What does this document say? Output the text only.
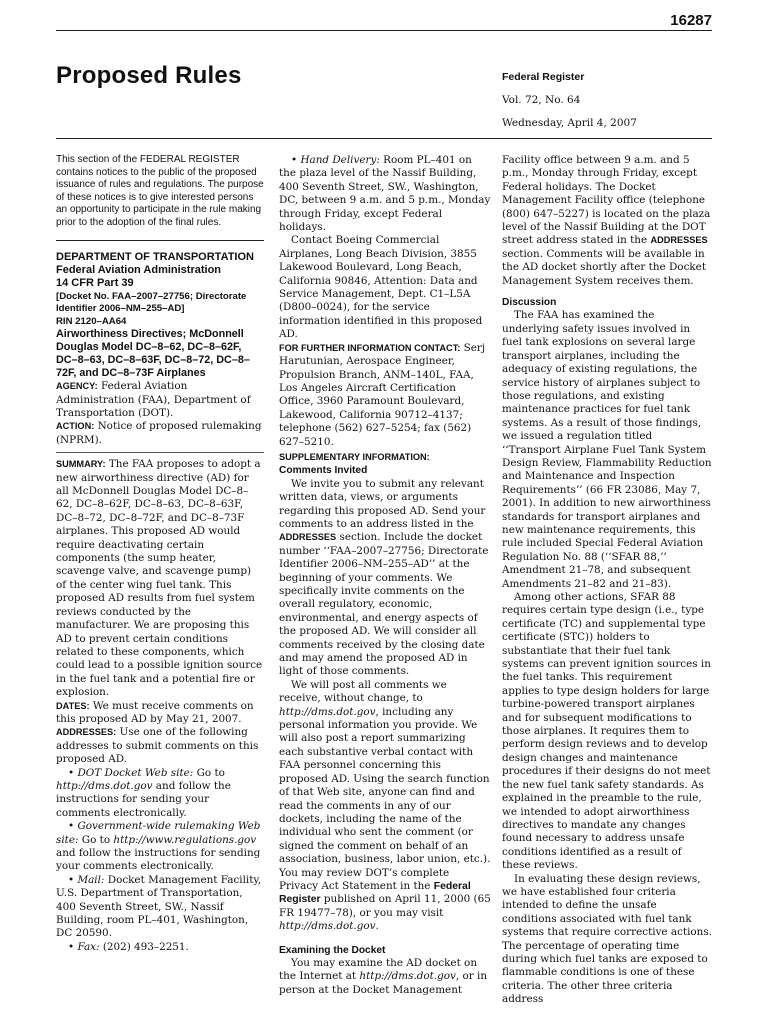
16287
Proposed Rules	Federal Register
Vol. 72, No. 64
Wednesday, April 4, 2007

This section of the FEDERAL REGISTER contains notices to the public of the proposed issuance of rules and regulations. The purpose of these notices is to give interested persons an opportunity to participate in the rule making prior to the adoption of the final rules.

DEPARTMENT OF TRANSPORTATION

Federal Aviation Administration

14 CFR Part 39

[Docket No. FAA–2007–27756; Directorate Identifier 2006–NM–255–AD]

RIN 2120–AA64

Airworthiness Directives; McDonnell Douglas Model DC–8–62, DC–8–62F, DC–8–63, DC–8–63F, DC–8–72, DC–8–72F, and DC–8–73F Airplanes

AGENCY: Federal Aviation Administration (FAA), Department of Transportation (DOT).

ACTION: Notice of proposed rulemaking (NPRM).

SUMMARY: The FAA proposes to adopt a new airworthiness directive (AD) for all McDonnell Douglas Model DC–8–62, DC–8–62F, DC–8–63, DC–8–63F, DC–8–72, DC–8–72F, and DC–8–73F airplanes. This proposed AD would require deactivating certain components (the sump heater, scavenge valve, and scavenge pump) of the center wing fuel tank. This proposed AD results from fuel system reviews conducted by the manufacturer. We are proposing this AD to prevent certain conditions related to these components, which could lead to a possible ignition source in the fuel tank and a potential fire or explosion.

DATES: We must receive comments on this proposed AD by May 21, 2007.

ADDRESSES: Use one of the following addresses to submit comments on this proposed AD.

• DOT Docket Web site: Go to http://dms.dot.gov and follow the instructions for sending your comments electronically.

• Government-wide rulemaking Web site: Go to http://www.regulations.gov and follow the instructions for sending your comments electronically.

• Mail: Docket Management Facility, U.S. Department of Transportation, 400 Seventh Street, SW., Nassif Building, room PL–401, Washington, DC 20590.

• Fax: (202) 493–2251.

• Hand Delivery: Room PL–401 on the plaza level of the Nassif Building, 400 Seventh Street, SW., Washington, DC, between 9 a.m. and 5 p.m., Monday through Friday, except Federal holidays.

Contact Boeing Commercial Airplanes, Long Beach Division, 3855 Lakewood Boulevard, Long Beach, California 90846, Attention: Data and Service Management, Dept. C1–L5A (D800–0024), for the service information identified in this proposed AD.

FOR FURTHER INFORMATION CONTACT: Serj Harutunian, Aerospace Engineer, Propulsion Branch, ANM–140L, FAA, Los Angeles Aircraft Certification Office, 3960 Paramount Boulevard, Lakewood, California 90712–4137; telephone (562) 627–5254; fax (562) 627–5210.

SUPPLEMENTARY INFORMATION:

Comments Invited

We invite you to submit any relevant written data, views, or arguments regarding this proposed AD. Send your comments to an address listed in the ADDRESSES section. Include the docket number ‘‘FAA–2007–27756; Directorate Identifier 2006–NM–255–AD’’ at the beginning of your comments. We specifically invite comments on the overall regulatory, economic, environmental, and energy aspects of the proposed AD. We will consider all comments received by the closing date and may amend the proposed AD in light of those comments.

We will post all comments we receive, without change, to http://dms.dot.gov, including any personal information you provide. We will also post a report summarizing each substantive verbal contact with FAA personnel concerning this proposed AD. Using the search function of that Web site, anyone can find and read the comments in any of our dockets, including the name of the individual who sent the comment (or signed the comment on behalf of an association, business, labor union, etc.). You may review DOT’s complete Privacy Act Statement in the Federal Register published on April 11, 2000 (65 FR 19477–78), or you may visit http://dms.dot.gov.

Examining the Docket

You may examine the AD docket on the Internet at http://dms.dot.gov, or in person at the Docket Management

Facility office between 9 a.m. and 5 p.m., Monday through Friday, except Federal holidays. The Docket Management Facility office (telephone (800) 647–5227) is located on the plaza level of the Nassif Building at the DOT street address stated in the ADDRESSES section. Comments will be available in the AD docket shortly after the Docket Management System receives them.

Discussion

The FAA has examined the underlying safety issues involved in fuel tank explosions on several large transport airplanes, including the adequacy of existing regulations, the service history of airplanes subject to those regulations, and existing maintenance practices for fuel tank systems. As a result of those findings, we issued a regulation titled ‘‘Transport Airplane Fuel Tank System Design Review, Flammability Reduction and Maintenance and Inspection Requirements’’ (66 FR 23086, May 7, 2001). In addition to new airworthiness standards for transport airplanes and new maintenance requirements, this rule included Special Federal Aviation Regulation No. 88 (‘‘SFAR 88,’’ Amendment 21–78, and subsequent Amendments 21–82 and 21–83).

Among other actions, SFAR 88 requires certain type design (i.e., type certificate (TC) and supplemental type certificate (STC)) holders to substantiate that their fuel tank systems can prevent ignition sources in the fuel tanks. This requirement applies to type design holders for large turbine-powered transport airplanes and for subsequent modifications to those airplanes. It requires them to perform design reviews and to develop design changes and maintenance procedures if their designs do not meet the new fuel tank safety standards. As explained in the preamble to the rule, we intended to adopt airworthiness directives to mandate any changes found necessary to address unsafe conditions identified as a result of these reviews.

In evaluating these design reviews, we have established four criteria intended to define the unsafe conditions associated with fuel tank systems that require corrective actions. The percentage of operating time during which fuel tanks are exposed to flammable conditions is one of these criteria. The other three criteria address
